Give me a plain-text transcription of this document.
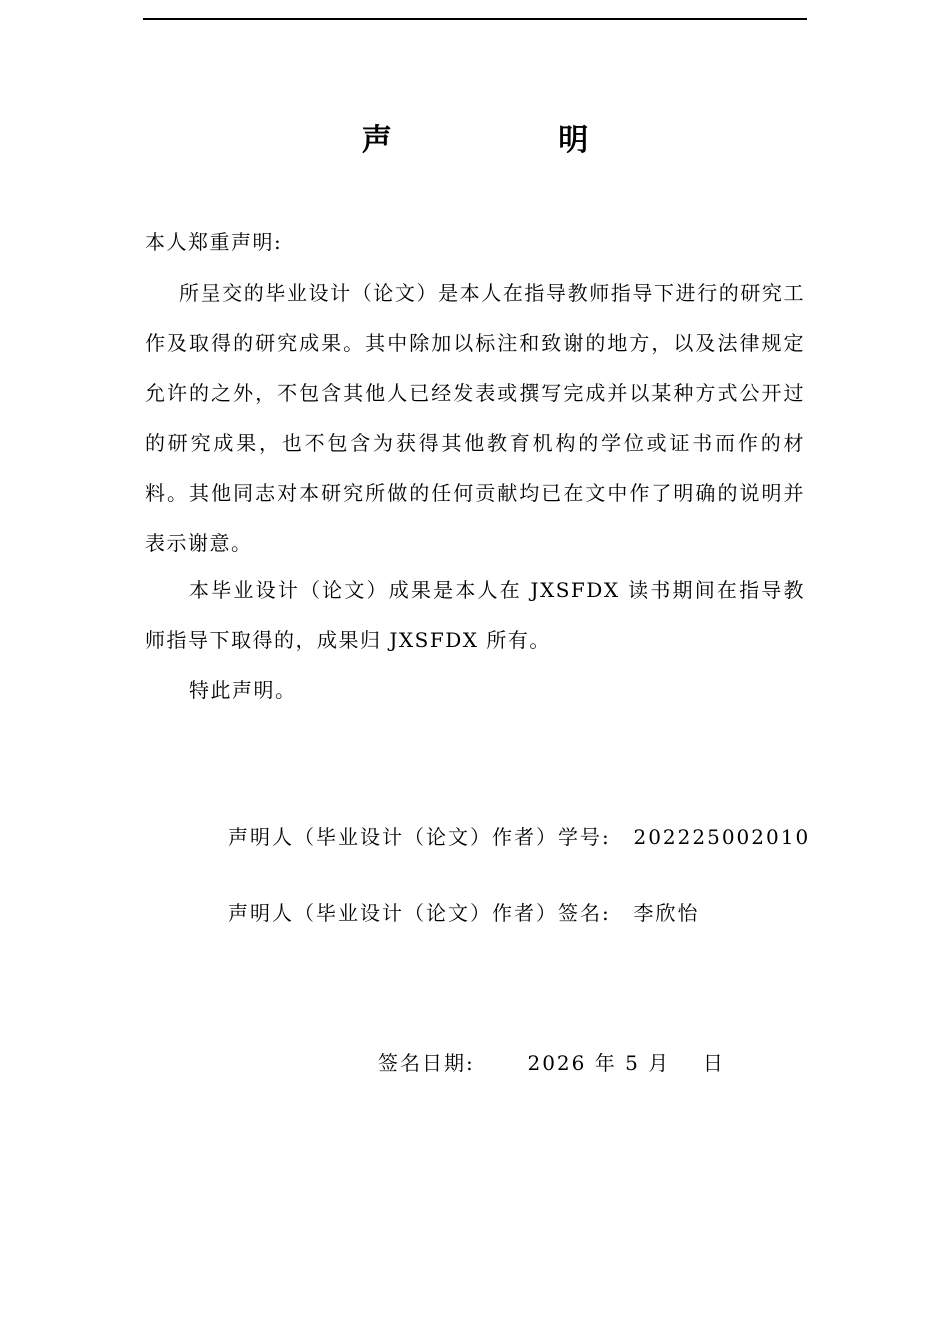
声 明
本人郑重声明:
所呈交的毕业设计（论文）是本人在指导教师指导下进行的研究工作及取得的研究成果。其中除加以标注和致谢的地方，以及法律规定允许的之外，不包含其他人已经发表或撰写完成并以某种方式公开过的研究成果，也不包含为获得其他教育机构的学位或证书而作的材料。其他同志对本研究所做的任何贡献均已在文中作了明确的说明并表示谢意。
本毕业设计（论文）成果是本人在 JXSFDX 读书期间在指导教师指导下取得的，成果归 JXSFDX 所有。
特此声明。
声明人（毕业设计（论文）作者）学号: 202225002010
声明人（毕业设计（论文）作者）签名: 李欣怡
签名日期:	2026 年 5 月 日
